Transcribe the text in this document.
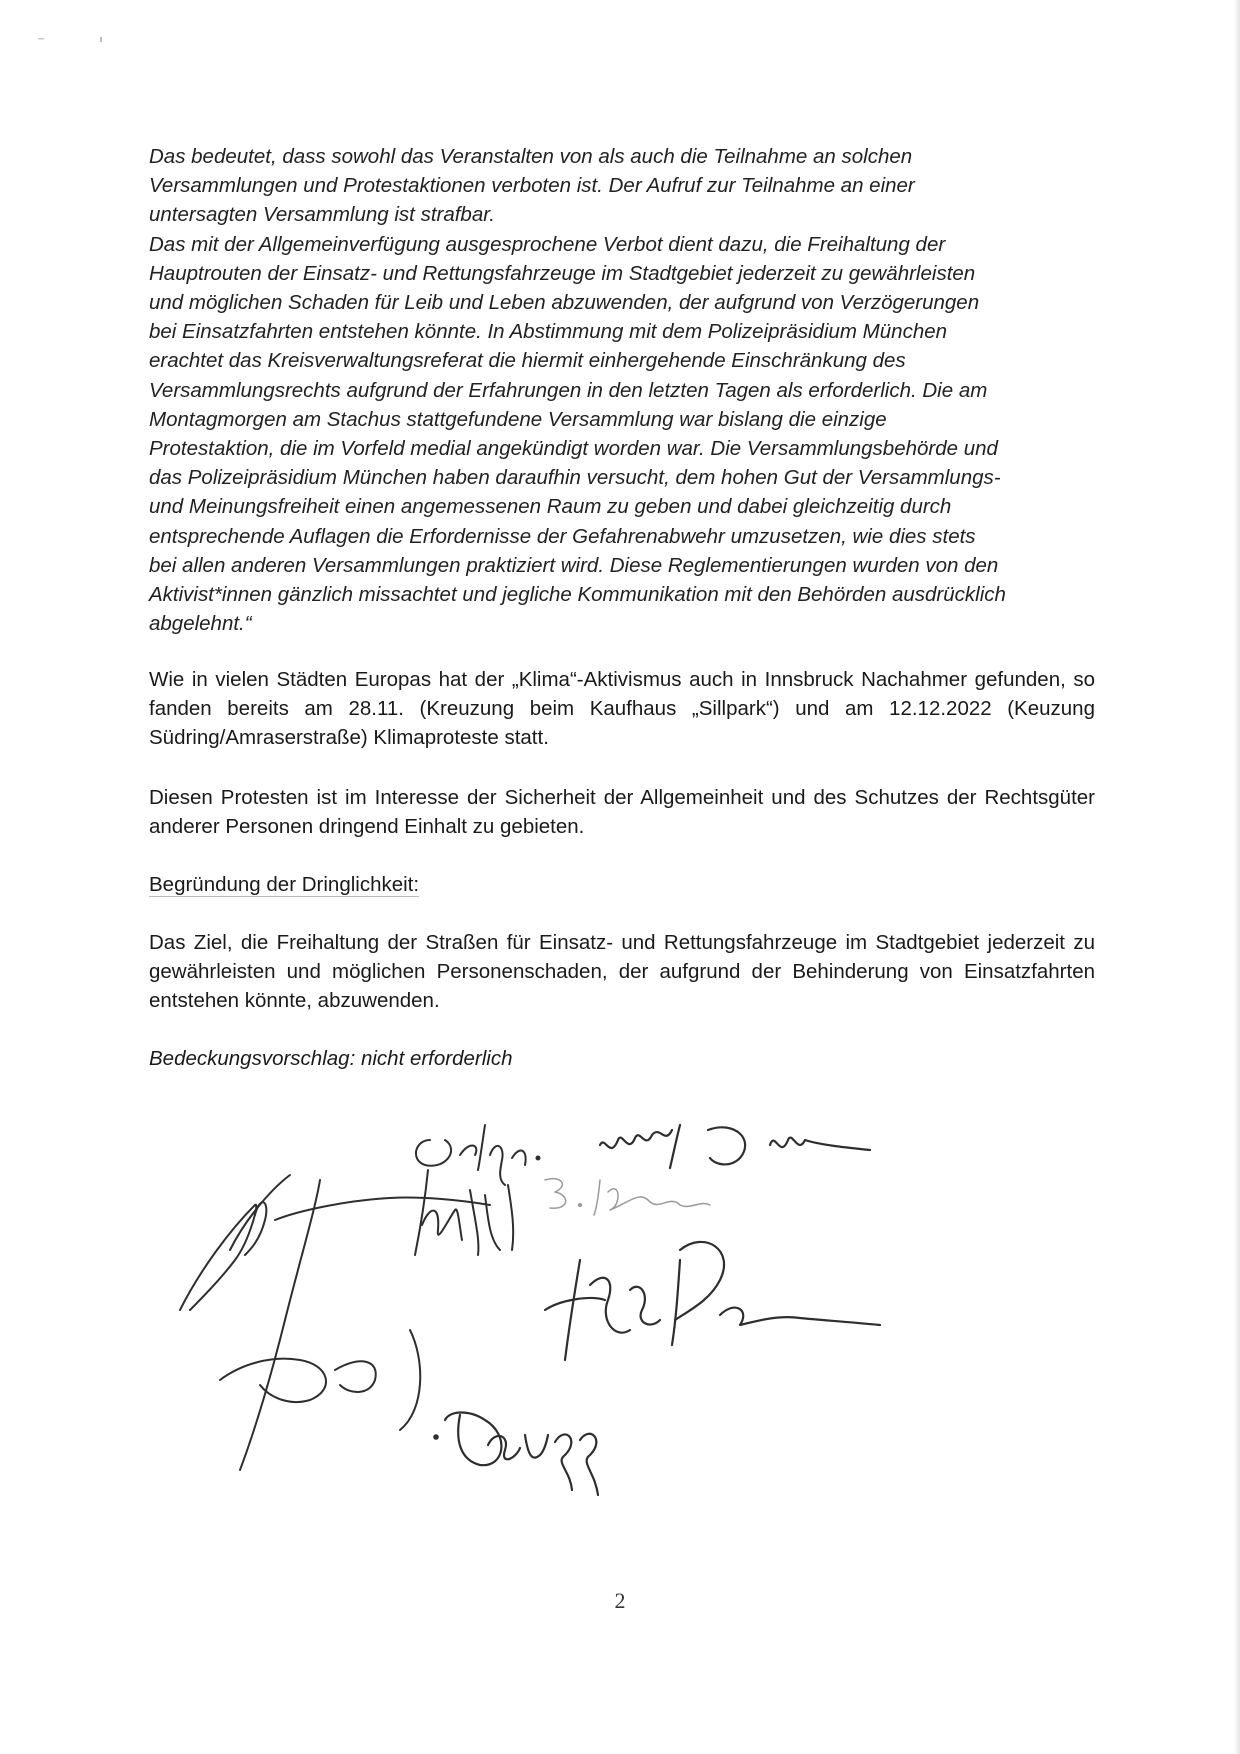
Das bedeutet, dass sowohl das Veranstalten von als auch die Teilnahme an solchen

Versammlungen und Protestaktionen verboten ist. Der Aufruf zur Teilnahme an einer

untersagten Versammlung ist strafbar.

Das mit der Allgemeinverfügung ausgesprochene Verbot dient dazu, die Freihaltung der

Hauptrouten der Einsatz- und Rettungsfahrzeuge im Stadtgebiet jederzeit zu gewährleisten

und möglichen Schaden für Leib und Leben abzuwenden, der aufgrund von Verzögerungen

bei Einsatzfahrten entstehen könnte. In Abstimmung mit dem Polizeipräsidium München

erachtet das Kreisverwaltungsreferat die hiermit einhergehende Einschränkung des

Versammlungsrechts aufgrund der Erfahrungen in den letzten Tagen als erforderlich. Die am

Montagmorgen am Stachus stattgefundene Versammlung war bislang die einzige

Protestaktion, die im Vorfeld medial angekündigt worden war. Die Versammlungsbehörde und

das Polizeipräsidium München haben daraufhin versucht, dem hohen Gut der Versammlungs-

und Meinungsfreiheit einen angemessenen Raum zu geben und dabei gleichzeitig durch

entsprechende Auflagen die Erfordernisse der Gefahrenabwehr umzusetzen, wie dies stets

bei allen anderen Versammlungen praktiziert wird. Diese Reglementierungen wurden von den

Aktivist*innen gänzlich missachtet und jegliche Kommunikation mit den Behörden ausdrücklich

abgelehnt.“

Wie in vielen Städten Europas hat der „Klima“-Aktivismus auch in Innsbruck Nachahmer gefunden, so fanden bereits am 28.11. (Kreuzung beim Kaufhaus „Sillpark“) und am 12.12.2022 (Keuzung Südring/Amraserstraße) Klimaproteste statt.

Diesen Protesten ist im Interesse der Sicherheit der Allgemeinheit und des Schutzes der Rechtsgüter anderer Personen dringend Einhalt zu gebieten.

Begründung der Dringlichkeit:

Das Ziel, die Freihaltung der Straßen für Einsatz- und Rettungsfahrzeuge im Stadtgebiet jederzeit zu gewährleisten und möglichen Personenschaden, der aufgrund der Behinderung von Einsatzfahrten entstehen könnte, abzuwenden.

Bedeckungsvorschlag: nicht erforderlich

2
